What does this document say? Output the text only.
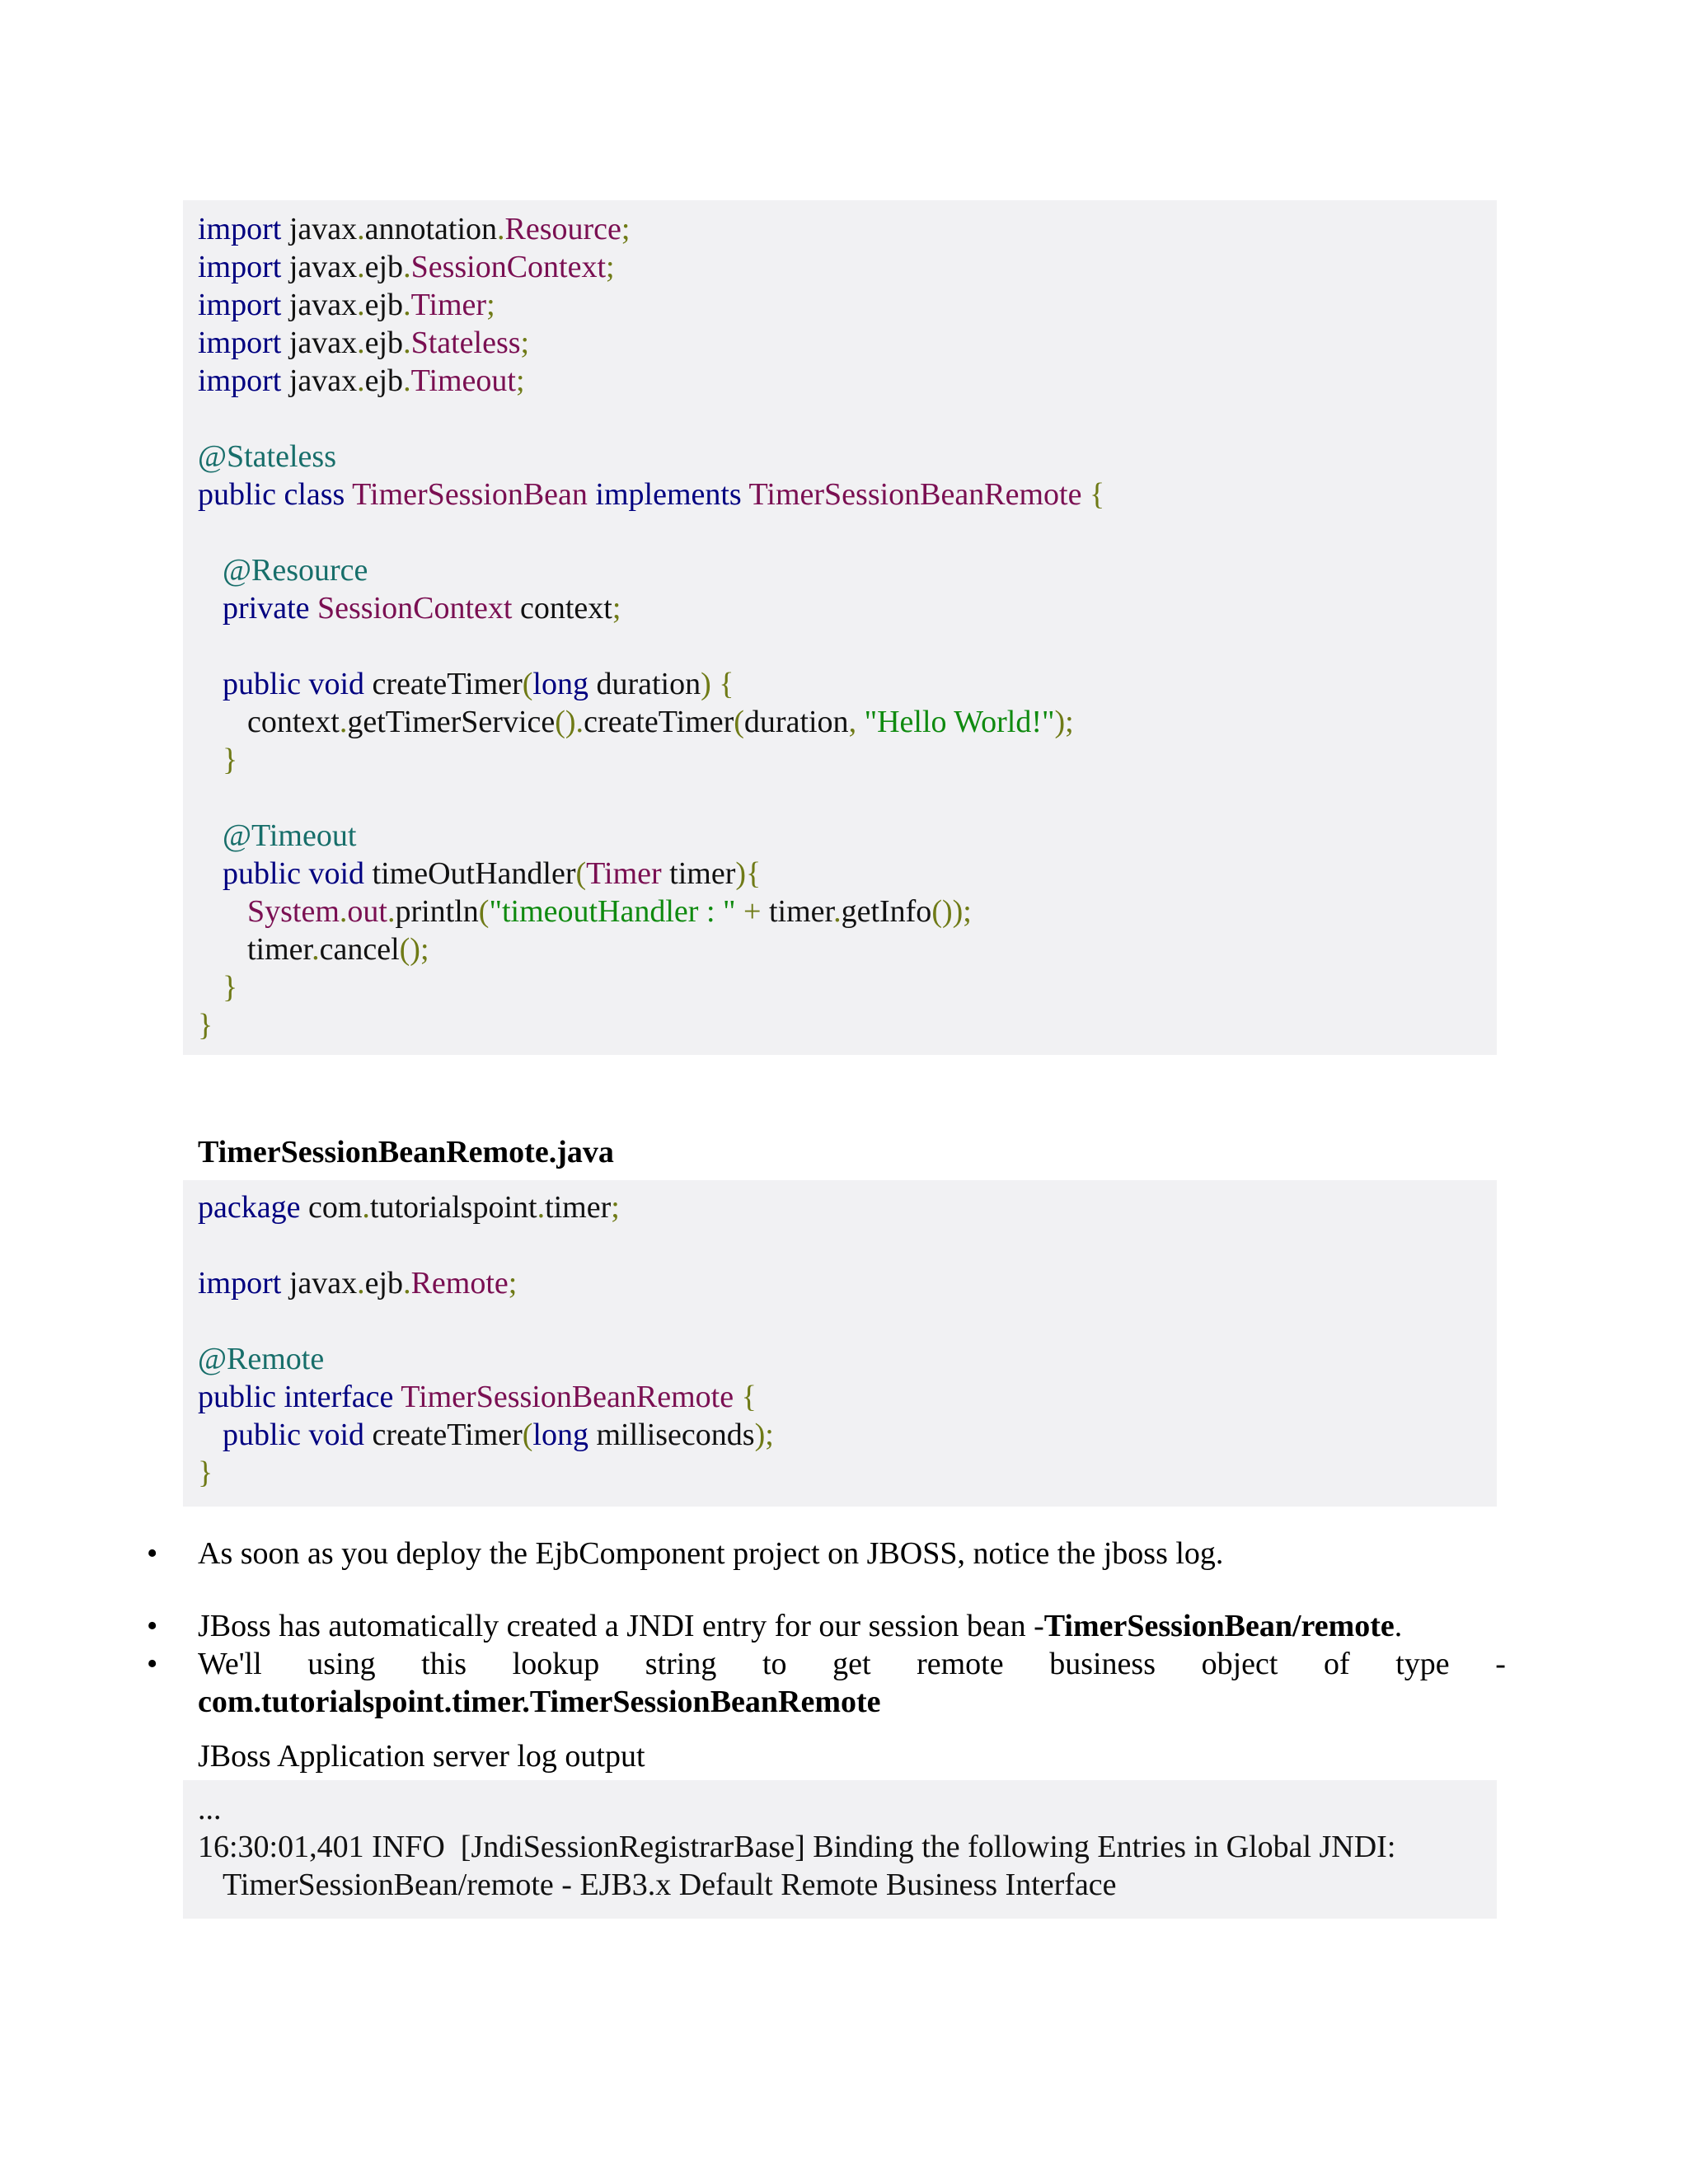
import javax.annotation.Resource;
import javax.ejb.SessionContext;
import javax.ejb.Timer;
import javax.ejb.Stateless;
import javax.ejb.Timeout;

@Stateless
public class TimerSessionBean implements TimerSessionBeanRemote {

@Resource
private SessionContext context;

public void createTimer(long duration) {
context.getTimerService().createTimer(duration, "Hello World!");
}

@Timeout
public void timeOutHandler(Timer timer){
System.out.println("timeoutHandler : " + timer.getInfo());
timer.cancel();
}
}
TimerSessionBeanRemote.java
package com.tutorialspoint.timer;

import javax.ejb.Remote;

@Remote
public interface TimerSessionBeanRemote {
public void createTimer(long milliseconds);
}
• As soon as you deploy the EjbComponent project on JBOSS, notice the jboss log.
• JBoss has automatically created a JNDI entry for our session bean -TimerSessionBean/remote.
• We'll using this lookup string to get remote business object of type -
com.tutorialspoint.timer.TimerSessionBeanRemote
JBoss Application server log output
...
16:30:01,401 INFO  [JndiSessionRegistrarBase] Binding the following Entries in Global JNDI:
TimerSessionBean/remote - EJB3.x Default Remote Business Interface
